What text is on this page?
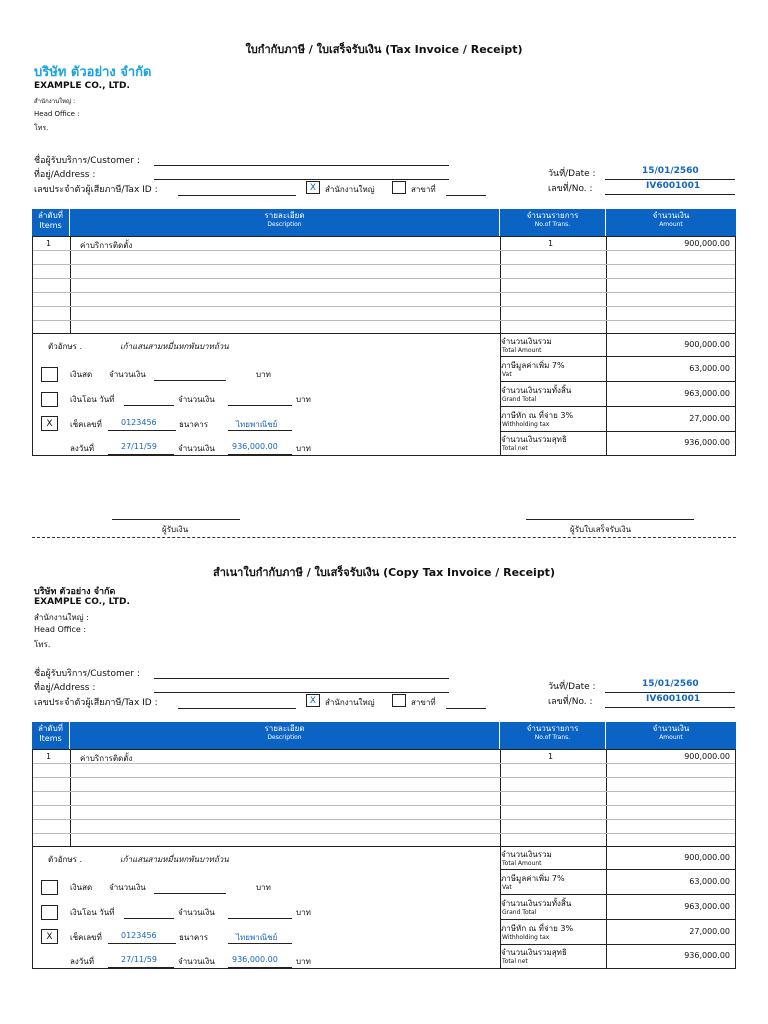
ใบกำกับภาษี / ใบเสร็จรับเงิน (Tax Invoice / Receipt)
บริษัท ตัวอย่าง จำกัด
EXAMPLE CO., LTD.
สำนักงานใหญ่ :
Head Office :
โทร.
ชื่อผู้รับบริการ/Customer :
ที่อยู่/Address :
เลขประจำตัวผู้เสียภาษี/Tax ID :	X	สำนักงานใหญ่	สาขาที่
วันที่/Date :	15/01/2560
เลขที่/No. :	IV6001001
ลำดับที่
Items
รายละเอียด
Description
จำนวนรายการ
No.of Trans.
จำนวนเงิน
Amount
1	ค่าบริการติดตั้ง	1	900,000.00
จำนวนเงินรวม
Total Amount
900,000.00
ภาษีมูลค่าเพิ่ม 7%
Vat
63,000.00
จำนวนเงินรวมทั้งสิ้น
Grand Total
963,000.00
ภาษีหัก ณ ที่จ่าย 3%
Withholding tax
27,000.00
จำนวนเงินรวมสุทธิ
Total net
936,000.00
ตัวอักษร .	เก้าแสนสามหมื่นหกพันบาทถ้วน
เงินสด จำนวนเงิน	บาท
เงินโอน วันที่	จำนวนเงิน	บาท
X	เช็คเลขที่ 0123456	ธนาคาร	ไทยพาณิชย์
ลงวันที่	27/11/59	จำนวนเงิน 936,000.00 บาท
ผู้รับเงิน	ผู้รับใบเสร็จรับเงิน
สำเนาใบกำกับภาษี / ใบเสร็จรับเงิน (Copy Tax Invoice / Receipt)
บริษัท ตัวอย่าง จำกัด
EXAMPLE CO., LTD.
สำนักงานใหญ่ :
Head Office :
โทร.
ชื่อผู้รับบริการ/Customer :
ที่อยู่/Address :
เลขประจำตัวผู้เสียภาษี/Tax ID :	X	สำนักงานใหญ่	สาขาที่
วันที่/Date :	15/01/2560
เลขที่/No. :	IV6001001
ลำดับที่
Items
รายละเอียด
Description
จำนวนรายการ
No.of Trans.
จำนวนเงิน
Amount
1	ค่าบริการติดตั้ง	1	900,000.00
จำนวนเงินรวม
Total Amount
900,000.00
ภาษีมูลค่าเพิ่ม 7%
Vat
63,000.00
จำนวนเงินรวมทั้งสิ้น
Grand Total
963,000.00
ภาษีหัก ณ ที่จ่าย 3%
Withholding tax
27,000.00
จำนวนเงินรวมสุทธิ
Total net
936,000.00
ตัวอักษร .	เก้าแสนสามหมื่นหกพันบาทถ้วน
เงินสด จำนวนเงิน	บาท
เงินโอน วันที่	จำนวนเงิน	บาท
X	เช็คเลขที่ 0123456	ธนาคาร	ไทยพาณิชย์
ลงวันที่	27/11/59	จำนวนเงิน 936,000.00 บาท
